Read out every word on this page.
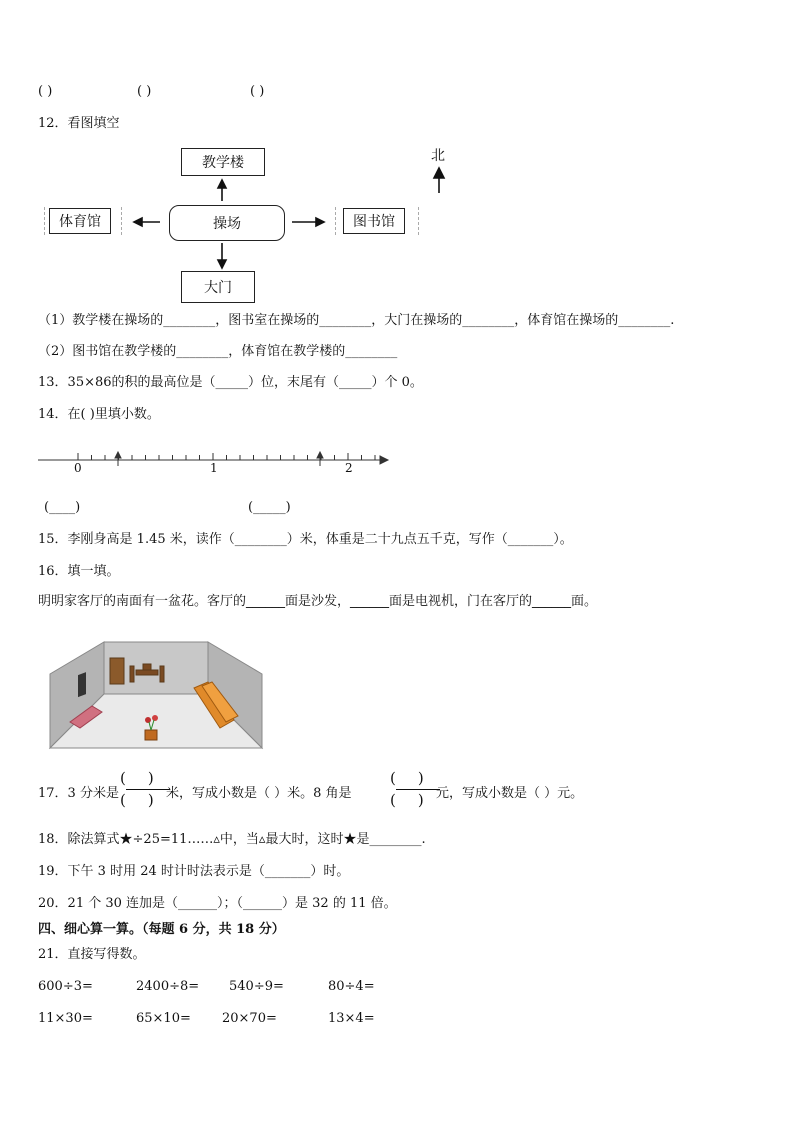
( )	( )	( )
12．看图填空
教学楼
操场
体育馆	图书馆
大门
北
（1）教学楼在操场的________，图书室在操场的________，大门在操场的________，体育馆在操场的________.
（2）图书馆在教学楼的________，体育馆在教学楼的________
13．35×86的积的最高位是（_____）位，末尾有（_____）个 0。
14．在( )里填小数。
0	1	2
(____)	(_____)
15．李刚身高是 1.45 米，读作（________）米，体重是二十九点五千克，写作（_______）。
16．填一填。
明明家客厅的南面有一盆花。客厅的______面是沙发，______面是电视机，门在客厅的______面。
17．3 分米是
()
()
米，写成小数是（ ）米。8 角是
()
()
元，写成小数是（ ）元。
18．除法算式★÷25=11……▵中，当▵最大时，这时★是________.
19．下午 3 时用 24 时计时法表示是（_______）时。
20．21 个 30 连加是（______）；（______）是 32 的 11 倍。
四、细心算一算。（每题 6 分，共 18 分）
21．直接写得数。
600÷3=	2400÷8= 540÷9=	80÷4=
11×30=	65×10= 20×70=	13×4=
